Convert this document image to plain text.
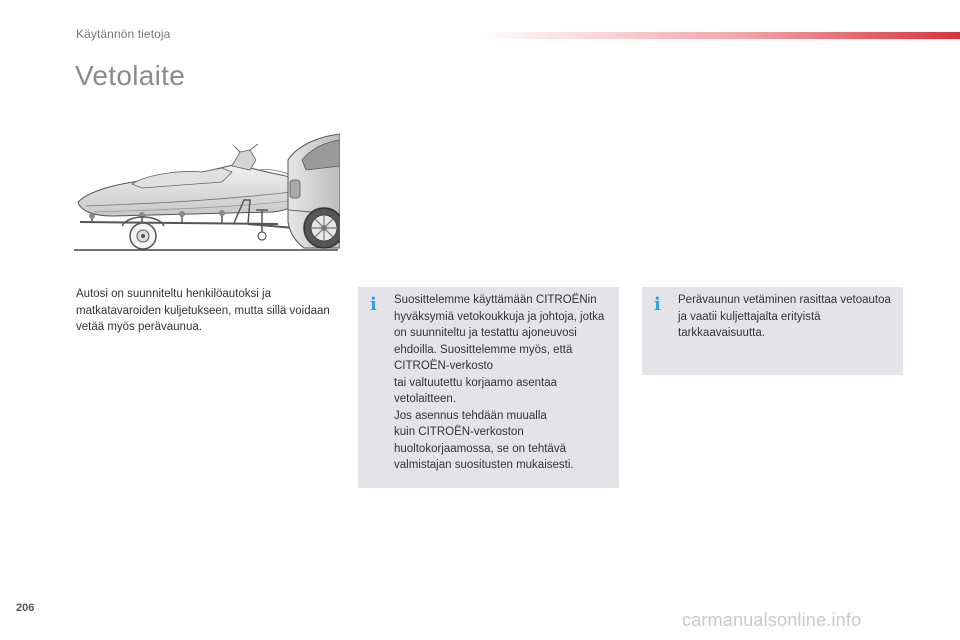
Käytännön tietoja
Vetolaite

Autosi on suunniteltu henkilöautoksi ja matkatavaroiden kuljetukseen, mutta sillä voidaan vetää myös perävaunua.

i Suosittelemme käyttämään CITROËNin hyväksymiä vetokoukkuja ja johtoja, jotka on suunniteltu ja testattu ajoneuvosi ehdoilla. Suosittelemme myös, että CITROËN-verkosto
tai valtuutettu korjaamo asentaa vetolaitteen.
Jos asennus tehdään muualla
kuin CITROËN-verkoston huoltokorjaamossa, se on tehtävä valmistajan suositusten mukaisesti.

i Perävaunun vetäminen rasittaa vetoautoa ja vaatii kuljettajalta erityistä tarkkaavaisuutta.

206
carmanualsonline.info
